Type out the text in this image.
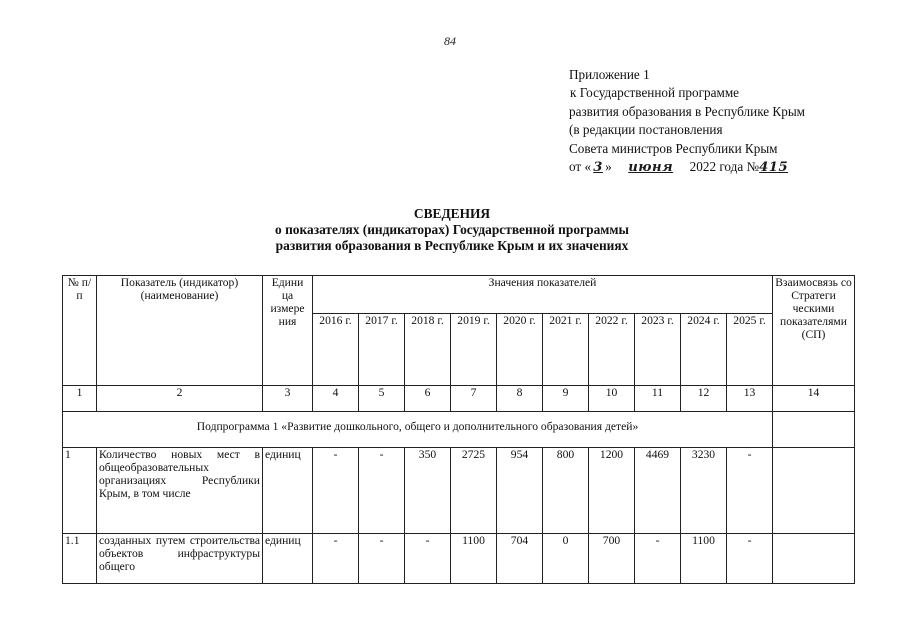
84
Приложение 1
к Государственной программе
развития образования в Республике Крым
(в редакции постановления
Совета министров Республики Крым
от « 3 » июня 2022 года №415
СВЕДЕНИЯ
о показателях (индикаторах) Государственной программы
развития образования в Республике Крым и их значениях
№ п/п	Показатель (индикатор) (наименование)	Едини ца измере ния	Значения показателей										Взаимосвязь со Стратеги ческими показателями (СП)
			2016 г.	2017 г.	2018 г.	2019 г.	2020 г.	2021 г.	2022 г.	2023 г.	2024 г.	2025 г.	
1	2	3	4	5	6	7	8	9	10	11	12	13	14
Подпрограмма 1 «Развитие дошкольного, общего и дополнительного образования детей»													
1	Количество новых мест в общеобразовательных организациях Республики Крым, в том числе	единиц	-	-	350	2725	954	800	1200	4469	3230	-	
1.1	созданных путем строительства объектов инфраструктуры общего	единиц	-	-	-	1100	704	0	700	-	1100	-	
